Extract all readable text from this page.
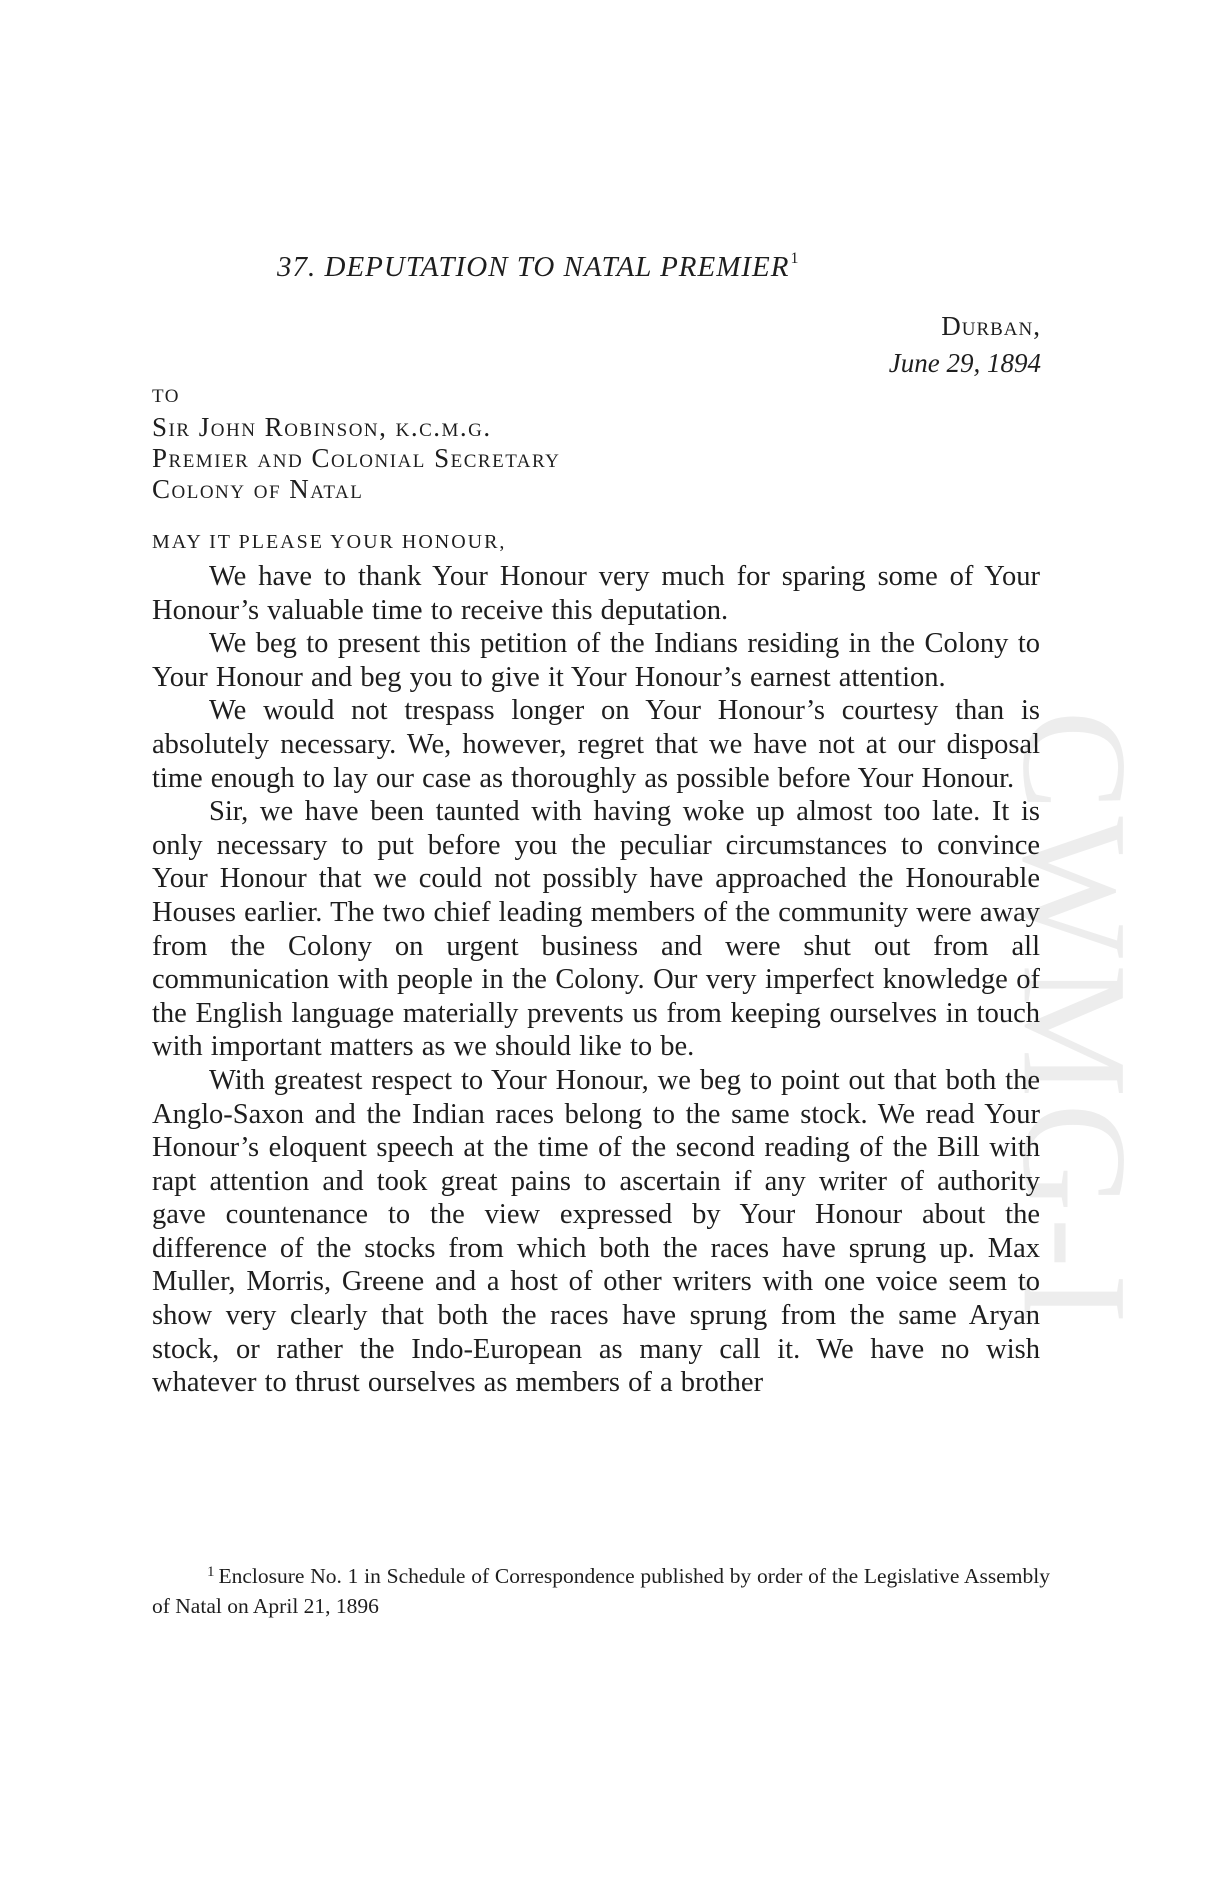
CWMG-I
37. DEPUTATION TO NATAL PREMIER$^1$
Durban,
June 29, 1894
TO
Sir John Robinson, k.c.m.g.
Premier and Colonial Secretary
Colony of Natal
MAY IT PLEASE YOUR HONOUR,

We have to thank Your Honour very much for sparing some of Your Honour’s valuable time to receive this deputation.

We beg to present this petition of the Indians residing in the Colony to Your Honour and beg you to give it Your Honour’s earnest attention.

We would not trespass longer on Your Honour’s courtesy than is absolutely necessary. We, however, regret that we have not at our disposal time enough to lay our case as thoroughly as possible before Your Honour.

Sir, we have been taunted with having woke up almost too late. It is only necessary to put before you the peculiar circumstances to convince Your Honour that we could not possibly have approached the Honourable Houses earlier. The two chief leading members of the community were away from the Colony on urgent business and were shut out from all communication with people in the Colony. Our very imperfect knowledge of the English language materially prevents us from keeping ourselves in touch with important matters as we should like to be.

With greatest respect to Your Honour, we beg to point out that both the Anglo-Saxon and the Indian races belong to the same stock. We read Your Honour’s eloquent speech at the time of the second reading of the Bill with rapt attention and took great pains to ascertain if any writer of authority gave countenance to the view expressed by Your Honour about the difference of the stocks from which both the races have sprung up. Max Muller, Morris, Greene and a host of other writers with one voice seem to show very clearly that both the races have sprung from the same Aryan stock, or rather the Indo-European as many call it. We have no wish whatever to thrust ourselves as members of a brother

$^1$ Enclosure No. 1 in Schedule of Correspondence published by order of the Legislative Assembly of Natal on April 21, 1896
